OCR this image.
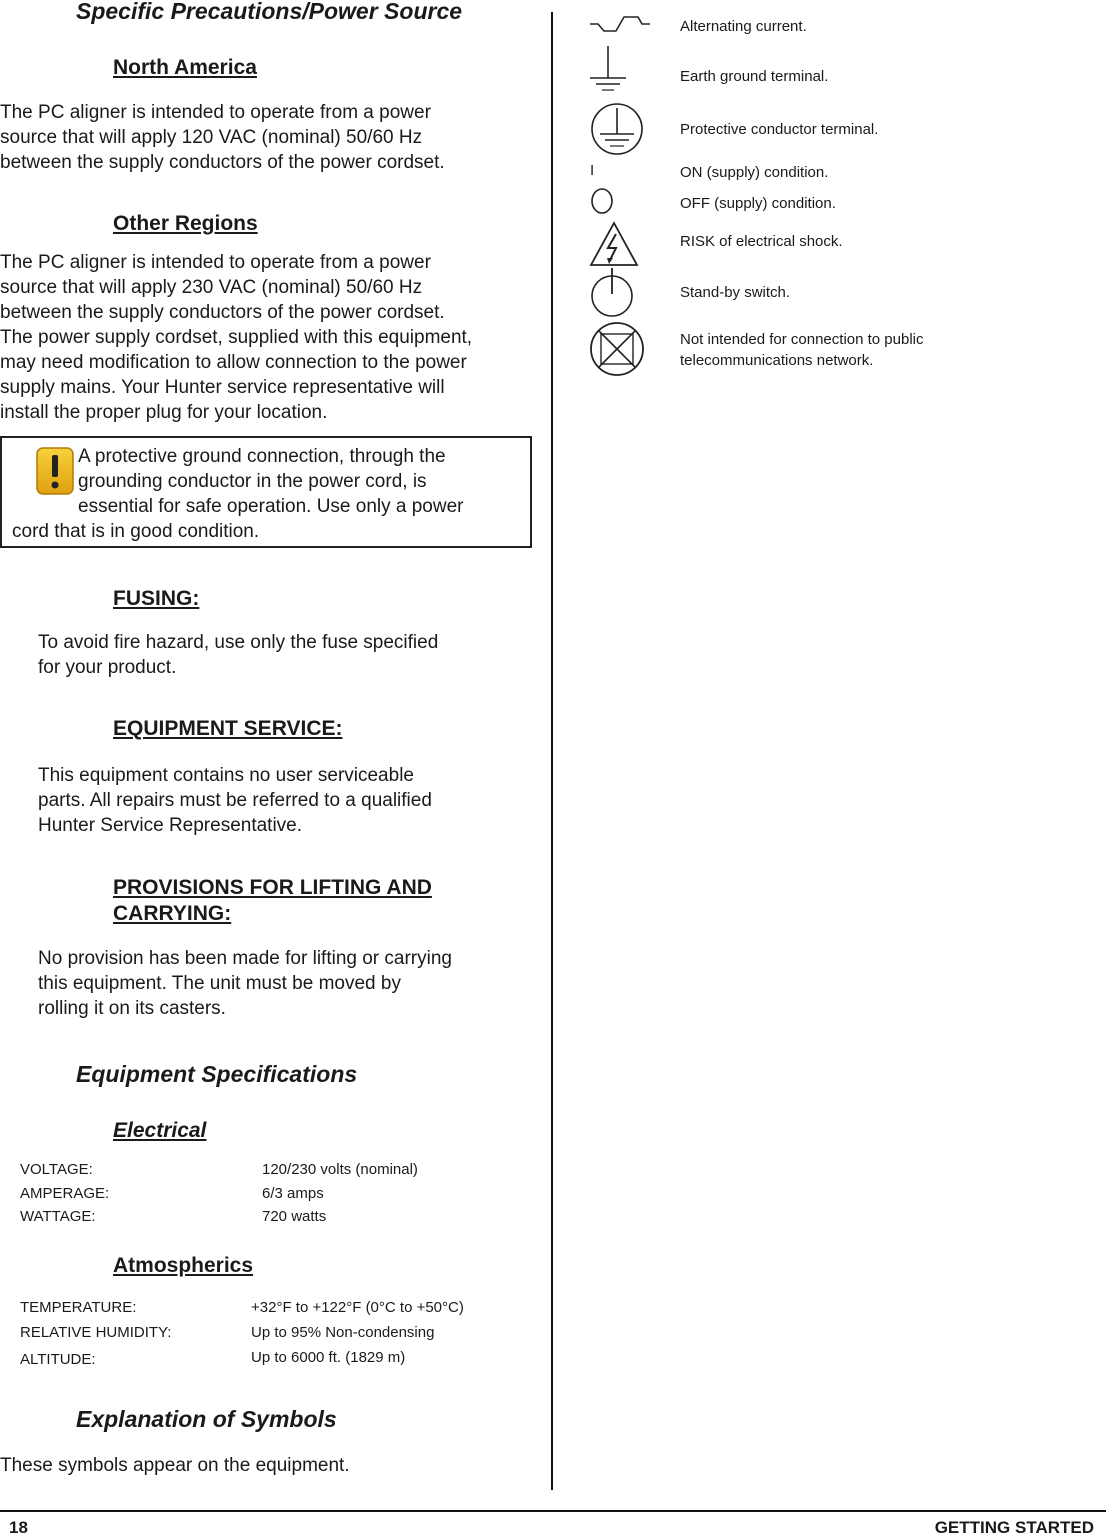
Specific Precautions/Power Source
North America
The PC aligner is intended to operate from a power
source that will apply 120 VAC (nominal) 50/60 Hz
between the supply conductors of the power cordset.
Other Regions
The PC aligner is intended to operate from a power
source that will apply 230 VAC (nominal) 50/60 Hz
between the supply conductors of the power cordset.
The power supply cordset, supplied with this equipment,
may need modification to allow connection to the power
supply mains. Your Hunter service representative will
install the proper plug for your location.
A protective ground connection, through the
grounding conductor in the power cord, is
essential for safe operation. Use only a power
cord that is in good condition.
FUSING:
To avoid fire hazard, use only the fuse specified
for your product.
EQUIPMENT SERVICE:
This equipment contains no user serviceable
parts. All repairs must be referred to a qualified
Hunter Service Representative.
PROVISIONS FOR LIFTING AND
CARRYING:
No provision has been made for lifting or carrying
this equipment. The unit must be moved by
rolling it on its casters.
Equipment Specifications
Electrical
VOLTAGE:	120/230 volts (nominal)
AMPERAGE:	6/3 amps
WATTAGE:	720 watts
Atmospherics
TEMPERATURE:	+32°F to +122°F (0°C to +50°C)
RELATIVE HUMIDITY:	Up to 95% Non-condensing
ALTITUDE:	Up to 6000 ft. (1829 m)
Explanation of Symbols
These symbols appear on the equipment.
Alternating current.
Earth ground terminal.
Protective conductor terminal.
I	ON (supply) condition.
OFF (supply) condition.
RISK of electrical shock.
Stand-by switch.
Not intended for connection to public
telecommunications network.
18	GETTING STARTED
